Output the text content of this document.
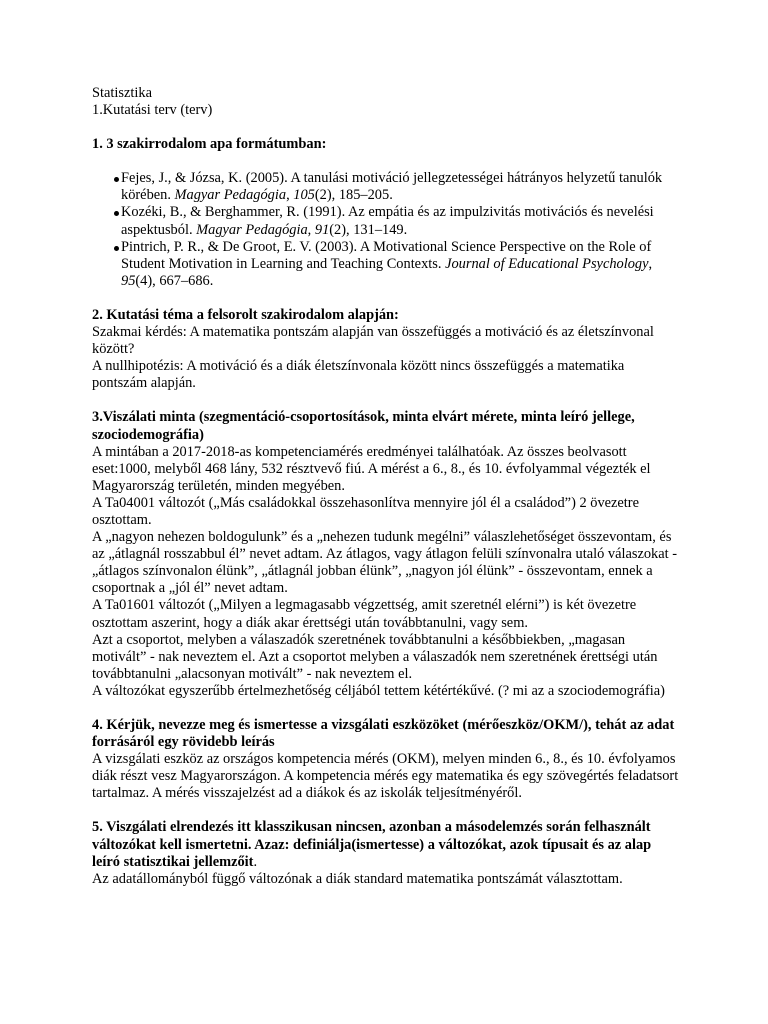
Statisztika

1.Kutatási terv (terv)

1. 3 szakirrodalom apa formátumban:

Fejes, J., & Józsa, K. (2005). A tanulási motiváció jellegzetességei hátrányos helyzetű tanulók körében. Magyar Pedagógia, 105(2), 185–205.
Kozéki, B., & Berghammer, R. (1991). Az empátia és az impulzivitás motivációs és nevelési aspektusból. Magyar Pedagógia, 91(2), 131–149.
Pintrich, P. R., & De Groot, E. V. (2003). A Motivational Science Perspective on the Role of Student Motivation in Learning and Teaching Contexts. Journal of Educational Psychology, 95(4), 667–686.

2. Kutatási téma a felsorolt szakirodalom alapján:

Szakmai kérdés: A matematika pontszám alapján van összefüggés a motiváció és az életszínvonal között?

A nullhipotézis: A motiváció és a diák életszínvonala között nincs összefüggés a matematika pontszám alapján.

3.Viszálati minta (szegmentáció-csoportosítások, minta elvárt mérete, minta leíró jellege, szociodemográfia)

A mintában a 2017-2018-as kompetenciamérés eredményei találhatóak. Az összes beolvasott eset:1000, melyből 468 lány, 532 résztvevő fiú. A mérést a 6., 8., és 10. évfolyammal végezték el Magyarország területén, minden megyében.

A Ta04001 változót („Más családokkal összehasonlítva mennyire jól él a családod”) 2 övezetre osztottam.

A „nagyon nehezen boldogulunk” és a „nehezen tudunk megélni” válaszlehetőséget összevontam, és az „átlagnál rosszabbul él” nevet adtam. Az átlagos, vagy átlagon felüli színvonalra utaló válaszokat -„átlagos színvonalon élünk”, „átlagnál jobban élünk”, „nagyon jól élünk” - összevontam, ennek a csoportnak a „jól él” nevet adtam.

A Ta01601 változót („Milyen a legmagasabb végzettség, amit szeretnél elérni”) is két övezetre osztottam aszerint, hogy a diák akar érettségi után továbbtanulni, vagy sem.

Azt a csoportot, melyben a válaszadók szeretnének továbbtanulni a későbbiekben, „magasan motivált” - nak neveztem el. Azt a csoportot melyben a válaszadók nem szeretnének érettségi után továbbtanulni „alacsonyan motivált” - nak neveztem el.

A változókat egyszerűbb értelmezhetőség céljából tettem kétértékűvé. (? mi az a szociodemográfia)

4. Kérjük, nevezze meg és ismertesse a vizsgálati eszközöket (mérőeszköz/OKM/), tehát az adat forrásáról egy rövidebb leírás

A vizsgálati eszköz az országos kompetencia mérés (OKM), melyen minden 6., 8., és 10. évfolyamos diák részt vesz Magyarországon. A kompetencia mérés egy matematika és egy szövegértés feladatsort tartalmaz. A mérés visszajelzést ad a diákok és az iskolák teljesítményéről.

5. Viszgálati elrendezés itt klasszikusan nincsen, azonban a másodelemzés során felhasznált változókat kell ismertetni. Azaz: definiálja(ismertesse) a változókat, azok típusait és az alap leíró statisztikai jellemzőit.

Az adatállományból függő változónak a diák standard matematika pontszámát választottam.
